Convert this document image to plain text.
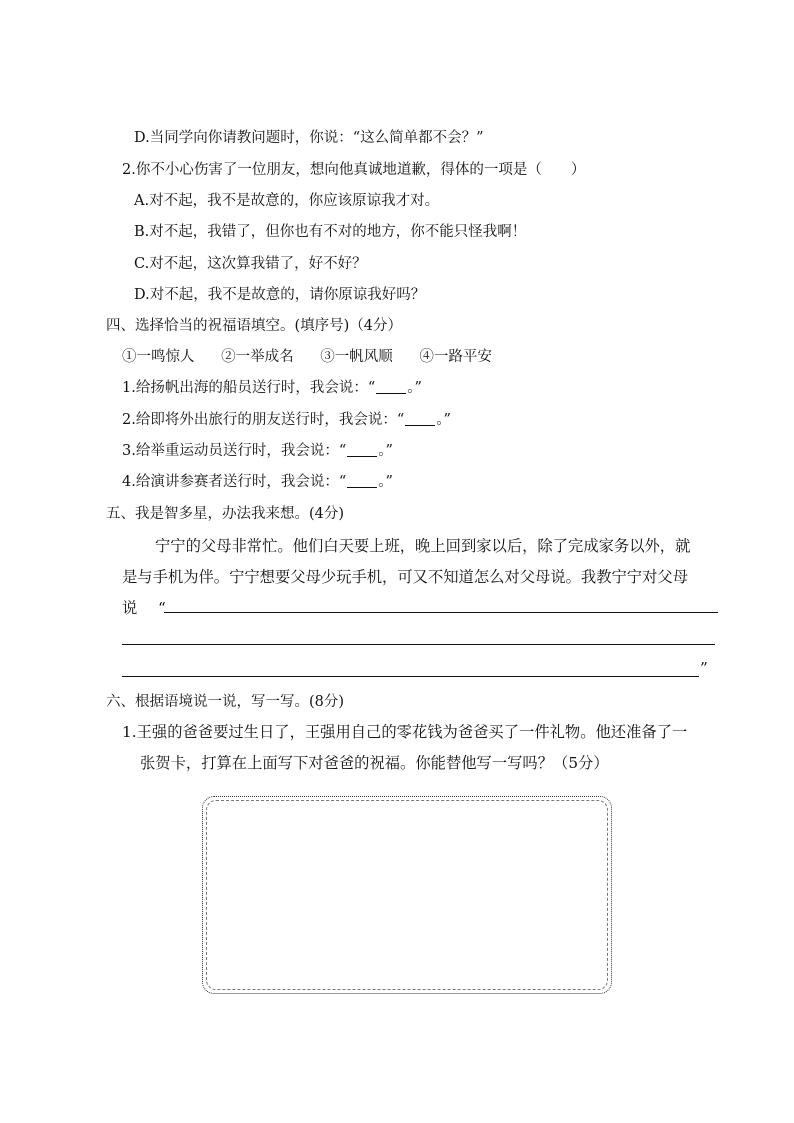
D.当同学向你请教问题时，你说：“这么简单都不会？”
2.你不小心伤害了一位朋友，想向他真诚地道歉，得体的一项是（　　）
A.对不起，我不是故意的，你应该原谅我才对。
B.对不起，我错了，但你也有不对的地方，你不能只怪我啊！
C.对不起，这次算我错了，好不好？
D.对不起，我不是故意的，请你原谅我好吗？
四、选择恰当的祝福语填空。(填序号)（4分）
①一鸣惊人 ②一举成名 ③一帆风顺 ④一路平安
1.给扬帆出海的船员送行时，我会说：“ 。”
2.给即将外出旅行的朋友送行时，我会说：“ 。”
3.给举重运动员送行时，我会说：“ 。”
4.给演讲参赛者送行时，我会说：“ 。”
五、我是智多星，办法我来想。(4分)
宁宁的父母非常忙。他们白天要上班，晚上回到家以后，除了完成家务以外，就
是与手机为伴。宁宁想要父母少玩手机，可又不知道怎么对父母说。我教宁宁对父母
说 “
”
六、根据语境说一说，写一写。(8分)
1.王强的爸爸要过生日了，王强用自己的零花钱为爸爸买了一件礼物。他还准备了一
张贺卡，打算在上面写下对爸爸的祝福。你能替他写一写吗？（5分）
